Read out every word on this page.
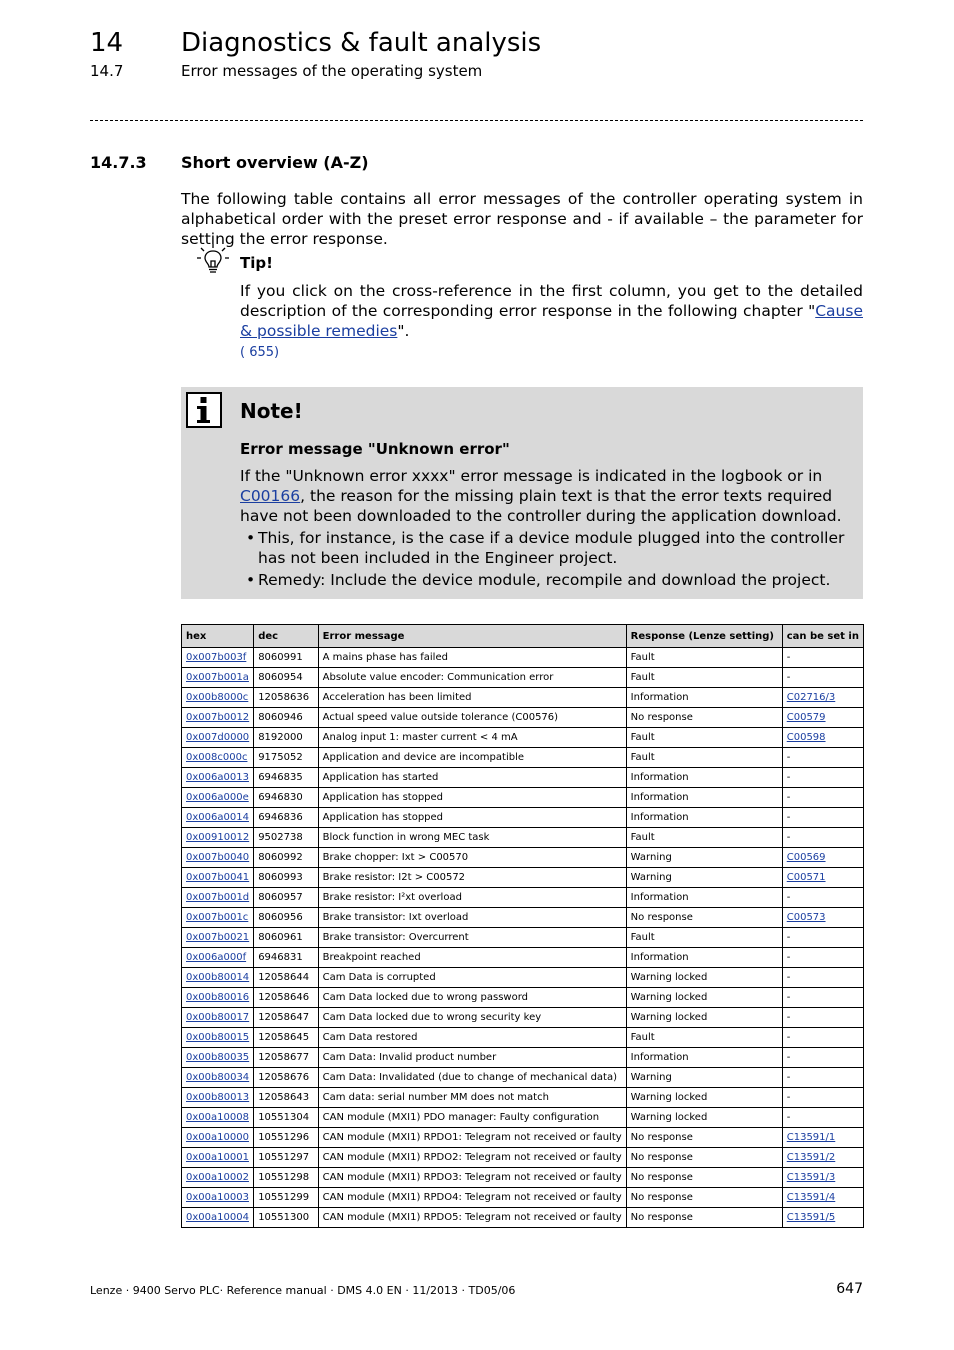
14 Diagnostics & fault analysis
14.7	Error messages of the operating system
14.7.3 Short overview (A-Z)
The following table contains all error messages of the controller operating system in alphabetical order with the preset error response and - if available – the parameter for setting the error response.
Tip!
If you click on the cross-reference in the first column, you get to the detailed description of the corresponding error response in the following chapter "Cause & possible remedies".
( 655)
Note!
Error message "Unknown error"
If the "Unknown error xxxx" error message is indicated in the logbook or in C00166, the reason for the missing plain text is that the error texts required have not been downloaded to the controller during the application download.
• This, for instance, is the case if a device module plugged into the controller has not been included in the Engineer project.
• Remedy: Include the device module, recompile and download the project.
hex	dec	Error message	Response (Lenze setting)	can be set in
0x007b003f	8060991	A mains phase has failed	Fault	-
0x007b001a	8060954	Absolute value encoder: Communication error	Fault	-
0x00b8000c	12058636	Acceleration has been limited	Information	C02716/3
0x007b0012	8060946	Actual speed value outside tolerance (C00576)	No response	C00579
0x007d0000	8192000	Analog input 1: master current < 4 mA	Fault	C00598
0x008c000c	9175052	Application and device are incompatible	Fault	-
0x006a0013	6946835	Application has started	Information	-
0x006a000e	6946830	Application has stopped	Information	-
0x006a0014	6946836	Application has stopped	Information	-
0x00910012	9502738	Block function in wrong MEC task	Fault	-
0x007b0040	8060992	Brake chopper: Ixt > C00570	Warning	C00569
0x007b0041	8060993	Brake resistor: I2t > C00572	Warning	C00571
0x007b001d	8060957	Brake resistor: I²xt overload	Information	-
0x007b001c	8060956	Brake transistor: Ixt overload	No response	C00573
0x007b0021	8060961	Brake transistor: Overcurrent	Fault	-
0x006a000f	6946831	Breakpoint reached	Information	-
0x00b80014	12058644	Cam Data is corrupted	Warning locked	-
0x00b80016	12058646	Cam Data locked due to wrong password	Warning locked	-
0x00b80017	12058647	Cam Data locked due to wrong security key	Warning locked	-
0x00b80015	12058645	Cam Data restored	Fault	-
0x00b80035	12058677	Cam Data: Invalid product number	Information	-
0x00b80034	12058676	Cam Data: Invalidated (due to change of mechanical data)	Warning	-
0x00b80013	12058643	Cam data: serial number MM does not match	Warning locked	-
0x00a10008	10551304	CAN module (MXI1) PDO manager: Faulty configuration	Warning locked	-
0x00a10000	10551296	CAN module (MXI1) RPDO1: Telegram not received or faulty	No response	C13591/1
0x00a10001	10551297	CAN module (MXI1) RPDO2: Telegram not received or faulty	No response	C13591/2
0x00a10002	10551298	CAN module (MXI1) RPDO3: Telegram not received or faulty	No response	C13591/3
0x00a10003	10551299	CAN module (MXI1) RPDO4: Telegram not received or faulty	No response	C13591/4
0x00a10004	10551300	CAN module (MXI1) RPDO5: Telegram not received or faulty	No response	C13591/5
Lenze · 9400 Servo PLC· Reference manual · DMS 4.0 EN · 11/2013 · TD05/06	647
